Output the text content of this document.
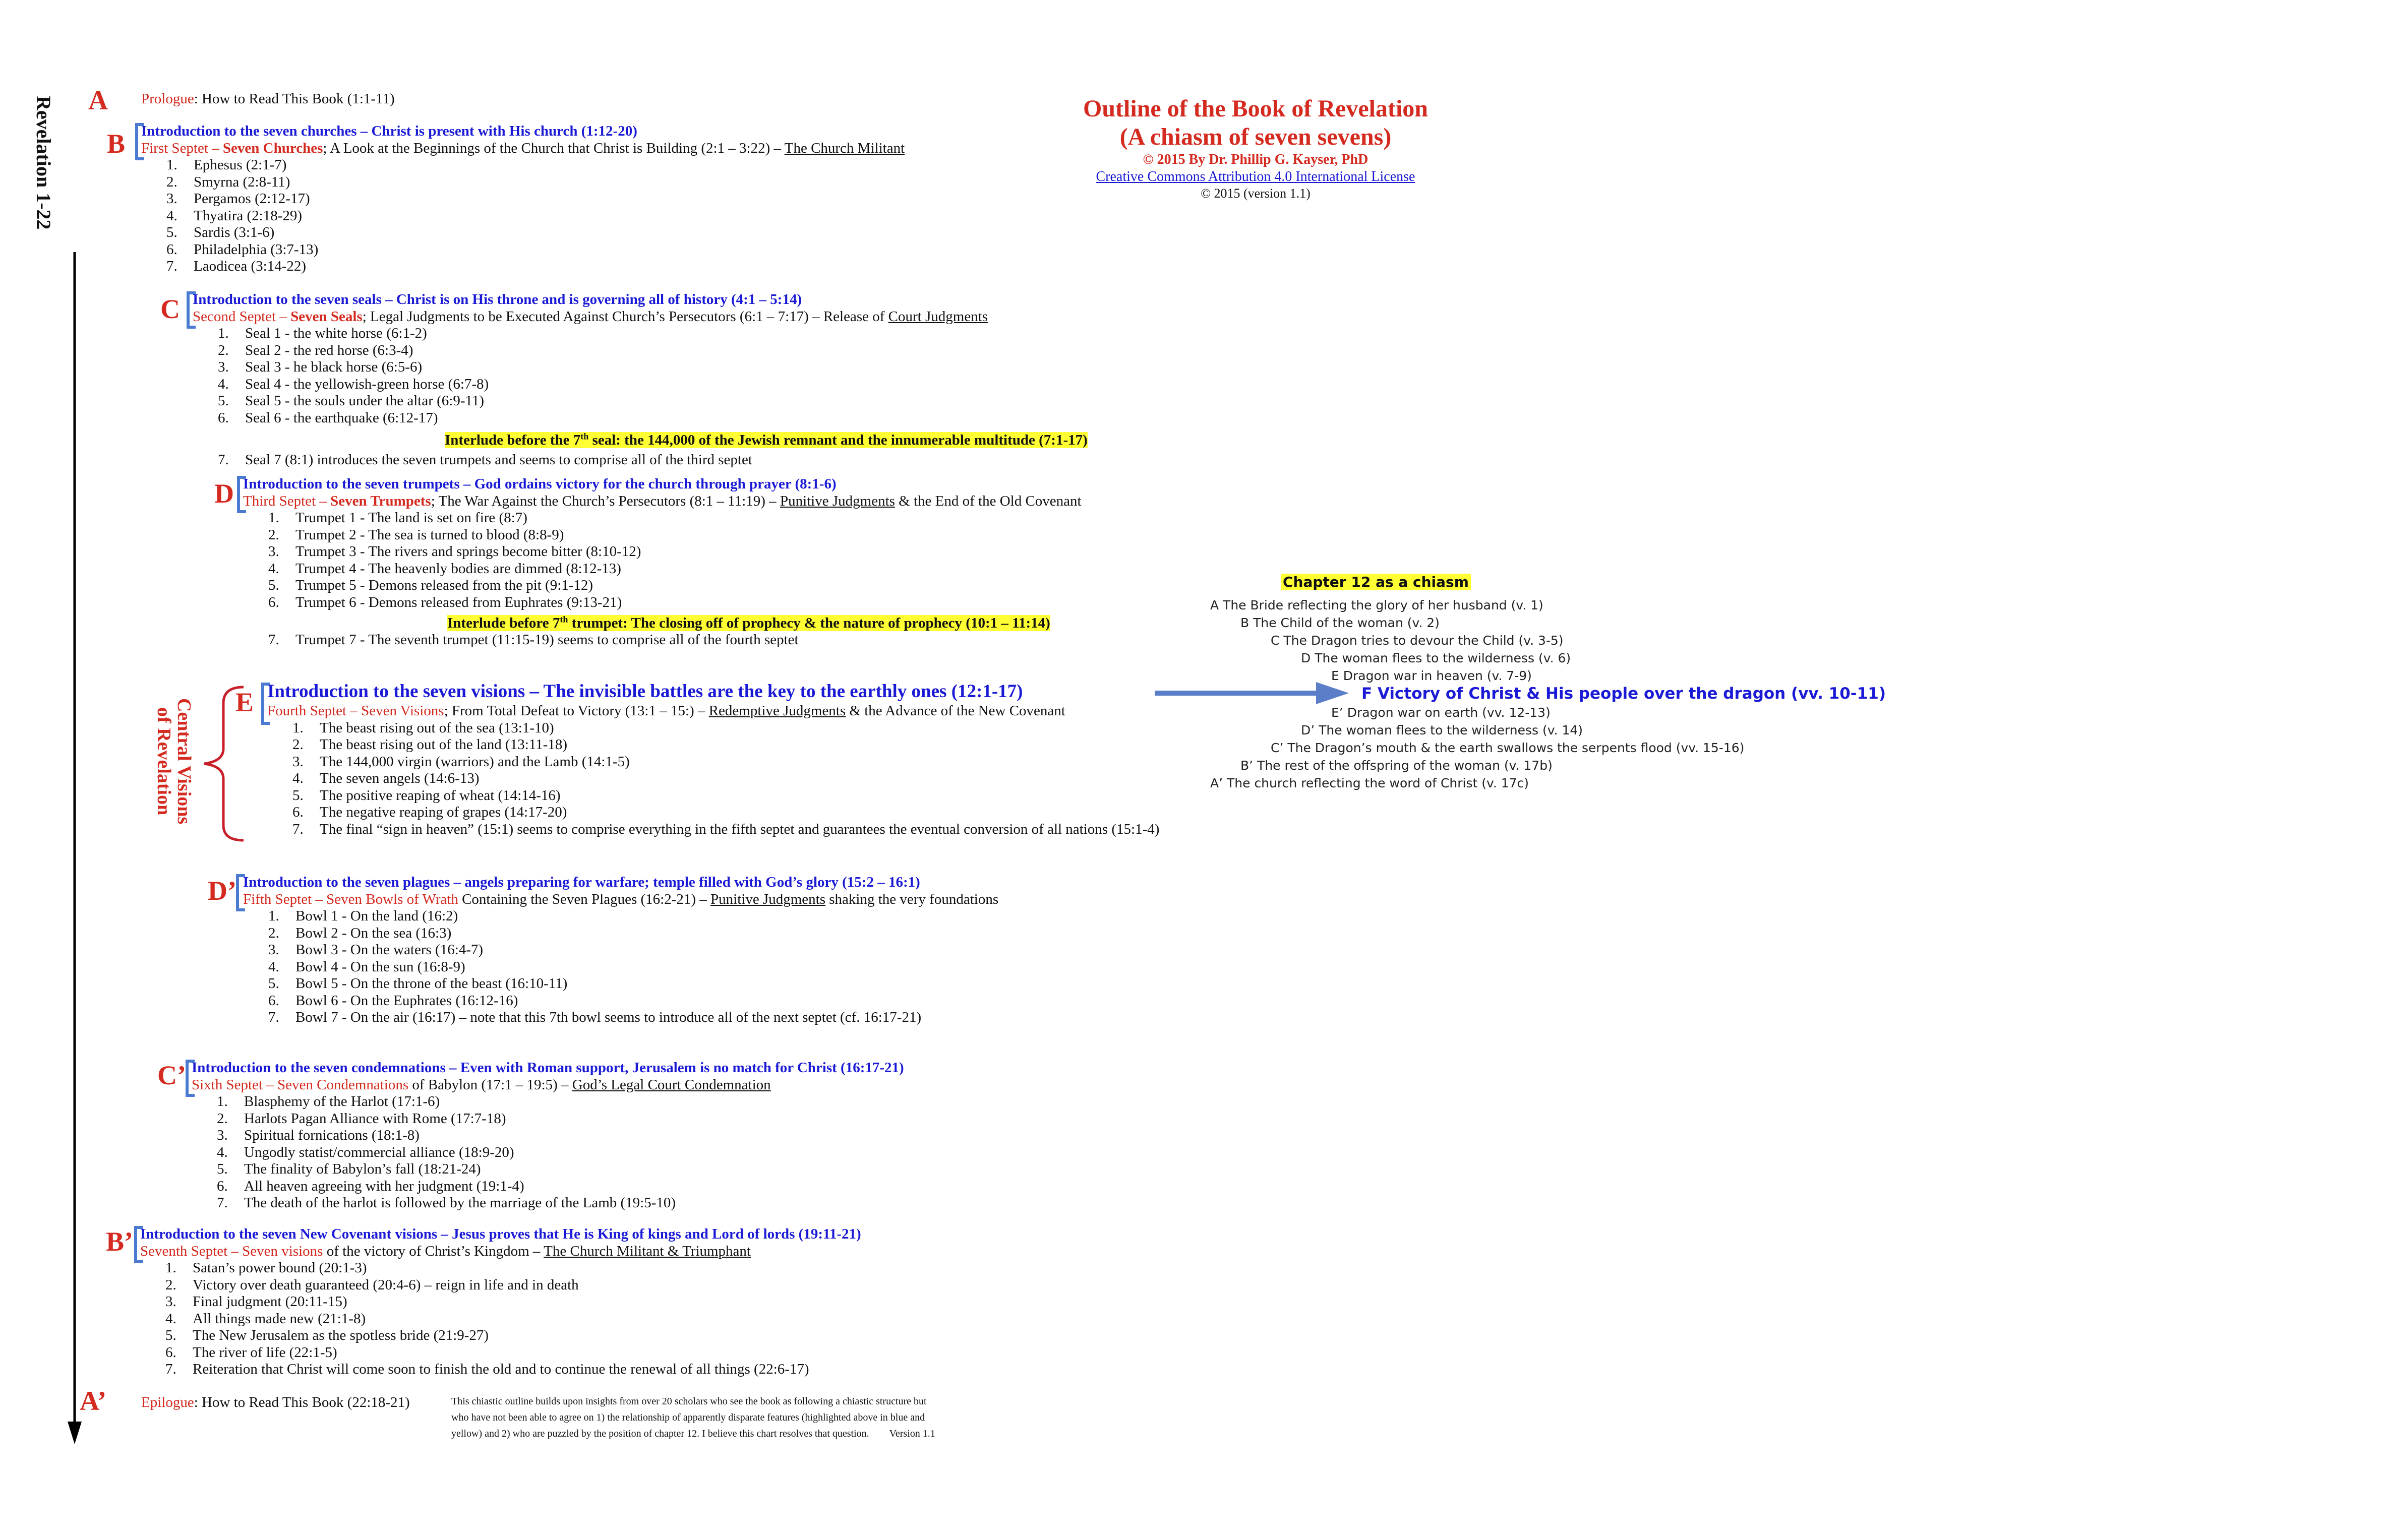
Revelation 1-22	Outline of the Book of Revelation
(A chiasm of seven sevens)
© 2015 By Dr. Phillip G. Kayser, PhD
Creative Commons Attribution 4.0 International License
© 2015 (version 1.1)
A Prologue: How to Read This Book (1:1-11)
B Introduction to the seven churches – Christ is present with His church (1:12-20)
First Septet – Seven Churches; A Look at the Beginnings of the Church that Christ is Building (2:1 – 3:22) – The Church Militant
1. Ephesus (2:1-7)
2. Smyrna (2:8-11)
3. Pergamos (2:12-17)
4. Thyatira (2:18-29)
5. Sardis (3:1-6)
6. Philadelphia (3:7-13)
7. Laodicea (3:14-22)
C Introduction to the seven seals – Christ is on His throne and is governing all of history (4:1 – 5:14)
Second Septet – Seven Seals; Legal Judgments to be Executed Against Church’s Persecutors (6:1 – 7:17) – Release of Court Judgments
1. Seal 1 - the white horse (6:1-2)
2. Seal 2 - the red horse (6:3-4)
3. Seal 3 - he black horse (6:5-6)
4. Seal 4 - the yellowish-green horse (6:7-8)
5. Seal 5 - the souls under the altar (6:9-11)
6. Seal 6 - the earthquake (6:12-17)
Interlude before the 7th seal: the 144,000 of the Jewish remnant and the innumerable multitude (7:1-17)
7. Seal 7 (8:1) introduces the seven trumpets and seems to comprise all of the third septet
D Introduction to the seven trumpets – God ordains victory for the church through prayer (8:1-6)
Third Septet – Seven Trumpets; The War Against the Church’s Persecutors (8:1 – 11:19) – Punitive Judgments & the End of the Old Covenant
1. Trumpet 1 - The land is set on fire (8:7)
2. Trumpet 2 - The sea is turned to blood (8:8-9)
3. Trumpet 3 - The rivers and springs become bitter (8:10-12)
4. Trumpet 4 - The heavenly bodies are dimmed (8:12-13)
5. Trumpet 5 - Demons released from the pit (9:1-12)
6. Trumpet 6 - Demons released from Euphrates (9:13-21)
Interlude before 7th trumpet: The closing off of prophecy & the nature of prophecy (10:1 – 11:14)
7. Trumpet 7 - The seventh trumpet (11:15-19) seems to comprise all of the fourth septet
Central Visions
of Revelation
E Introduction to the seven visions – The invisible battles are the key to the earthly ones (12:1-17)
Fourth Septet – Seven Visions; From Total Defeat to Victory (13:1 – 15:) – Redemptive Judgments & the Advance of the New Covenant
1. The beast rising out of the sea (13:1-10)
2. The beast rising out of the land (13:11-18)
3. The 144,000 virgin (warriors) and the Lamb (14:1-5)
4. The seven angels (14:6-13)
5. The positive reaping of wheat (14:14-16)
6. The negative reaping of grapes (14:17-20)
7. The final “sign in heaven” (15:1) seems to comprise everything in the fifth septet and guarantees the eventual conversion of all nations (15:1-4)
Chapter 12 as a chiasm
A The Bride reflecting the glory of her husband (v. 1)
B The Child of the woman (v. 2)
C The Dragon tries to devour the Child (v. 3-5)
D The woman flees to the wilderness (v. 6)
E Dragon war in heaven (v. 7-9)
F Victory of Christ & His people over the dragon (vv. 10-11)
E’ Dragon war on earth (vv. 12-13)
D’ The woman flees to the wilderness (v. 14)
C’ The Dragon’s mouth & the earth swallows the serpents flood (vv. 15-16)
B’ The rest of the offspring of the woman (v. 17b)
A’ The church reflecting the word of Christ (v. 17c)
D’ Introduction to the seven plagues – angels preparing for warfare; temple filled with God’s glory (15:2 – 16:1)
Fifth Septet – Seven Bowls of Wrath Containing the Seven Plagues (16:2-21) – Punitive Judgments shaking the very foundations
1. Bowl 1 - On the land (16:2)
2. Bowl 2 - On the sea (16:3)
3. Bowl 3 - On the waters (16:4-7)
4. Bowl 4 - On the sun (16:8-9)
5. Bowl 5 - On the throne of the beast (16:10-11)
6. Bowl 6 - On the Euphrates (16:12-16)
7. Bowl 7 - On the air (16:17) – note that this 7th bowl seems to introduce all of the next septet (cf. 16:17-21)
C’ Introduction to the seven condemnations – Even with Roman support, Jerusalem is no match for Christ (16:17-21)
Sixth Septet – Seven Condemnations of Babylon (17:1 – 19:5) – God’s Legal Court Condemnation
1. Blasphemy of the Harlot (17:1-6)
2. Harlots Pagan Alliance with Rome (17:7-18)
3. Spiritual fornications (18:1-8)
4. Ungodly statist/commercial alliance (18:9-20)
5. The finality of Babylon’s fall (18:21-24)
6. All heaven agreeing with her judgment (19:1-4)
7. The death of the harlot is followed by the marriage of the Lamb (19:5-10)
B’ Introduction to the seven New Covenant visions – Jesus proves that He is King of kings and Lord of lords (19:11-21)
Seventh Septet – Seven visions of the victory of Christ’s Kingdom – The Church Militant & Triumphant
1. Satan’s power bound (20:1-3)
2. Victory over death guaranteed (20:4-6) – reign in life and in death
3. Final judgment (20:11-15)
4. All things made new (21:1-8)
5. The New Jerusalem as the spotless bride (21:9-27)
6. The river of life (22:1-5)
7. Reiteration that Christ will come soon to finish the old and to continue the renewal of all things (22:6-17)
A’ Epilogue: How to Read This Book (22:18-21)	This chiastic outline builds upon insights from over 20 scholars who see the book as following a chiastic structure but
who have not been able to agree on 1) the relationship of apparently disparate features (highlighted above in blue and
yellow) and 2) who are puzzled by the position of chapter 12. I believe this chart resolves that question. Version 1.1
